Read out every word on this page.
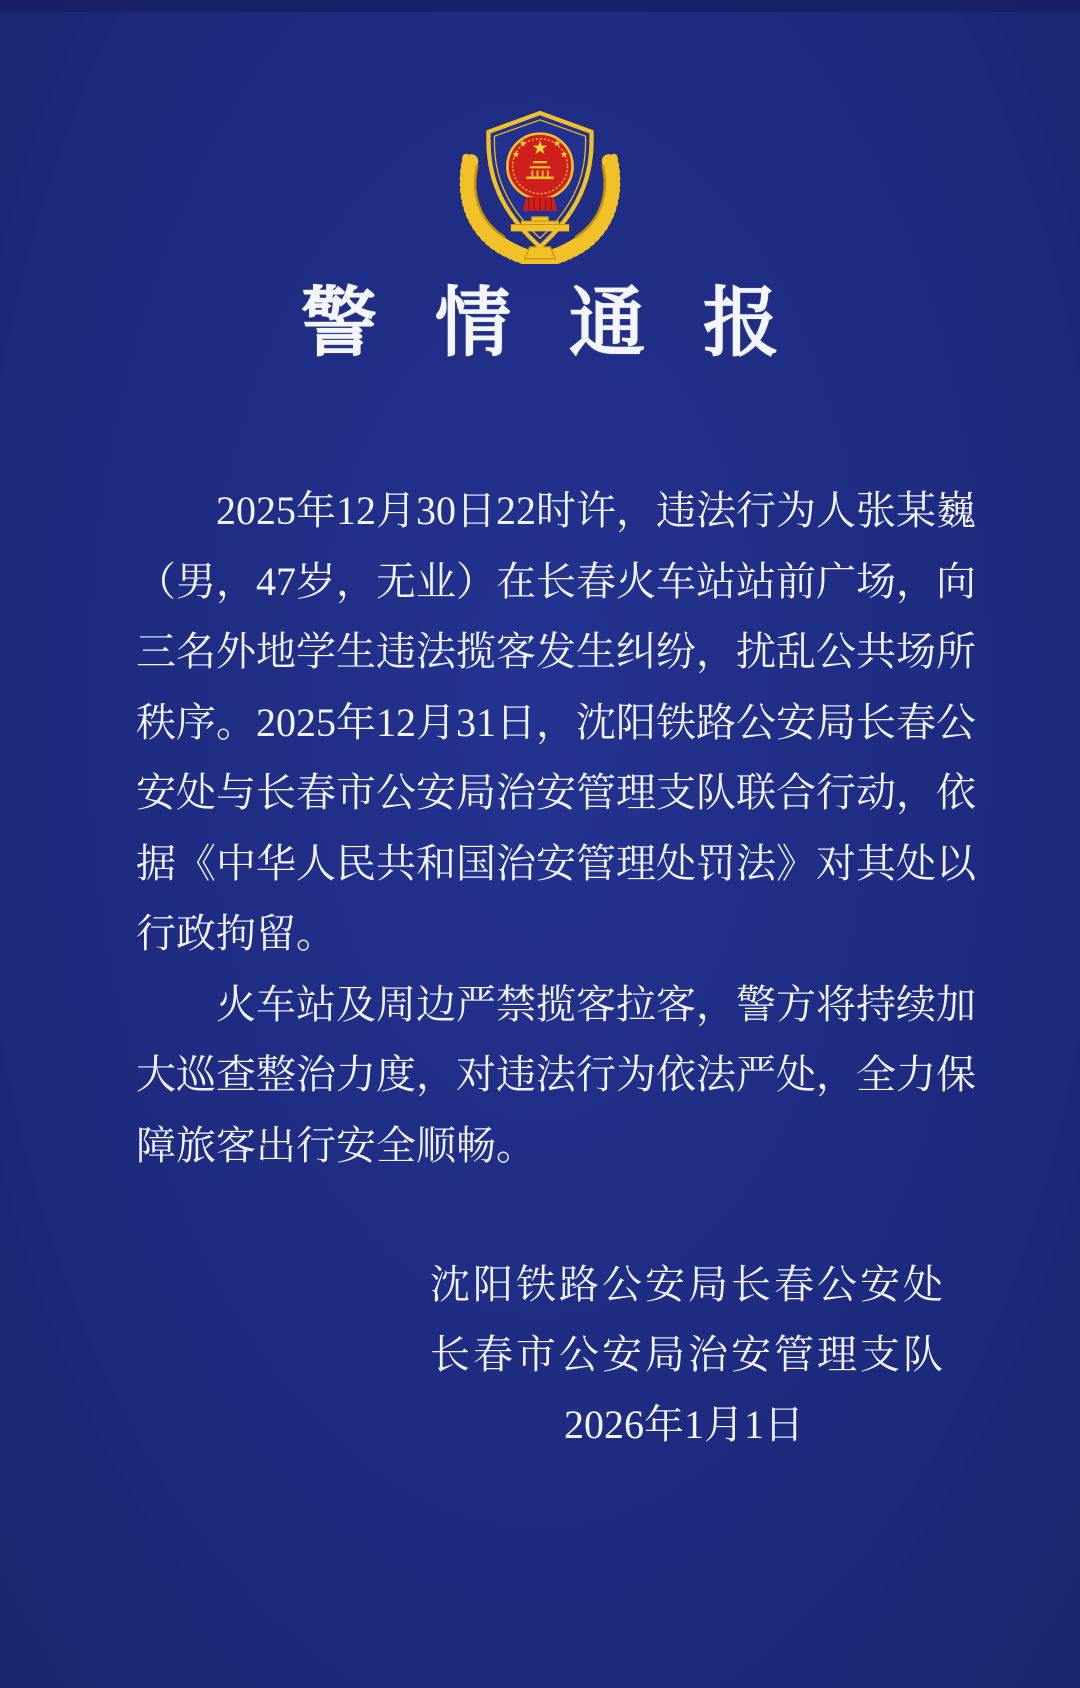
★
★ ★
★	★
警情通报
2025年12月30日22时许，违法行为人张某巍
（男，47岁，无业）在长春火车站站前广场，向
三名外地学生违法揽客发生纠纷，扰乱公共场所
秩序。2025年12月31日，沈阳铁路公安局长春公
安处与长春市公安局治安管理支队联合行动，依
据《中华人民共和国治安管理处罚法》对其处以
行政拘留。
火车站及周边严禁揽客拉客，警方将持续加
大巡查整治力度，对违法行为依法严处，全力保
障旅客出行安全顺畅。
沈阳铁路公安局长春公安处
长春市公安局治安管理支队
2026年1月1日
